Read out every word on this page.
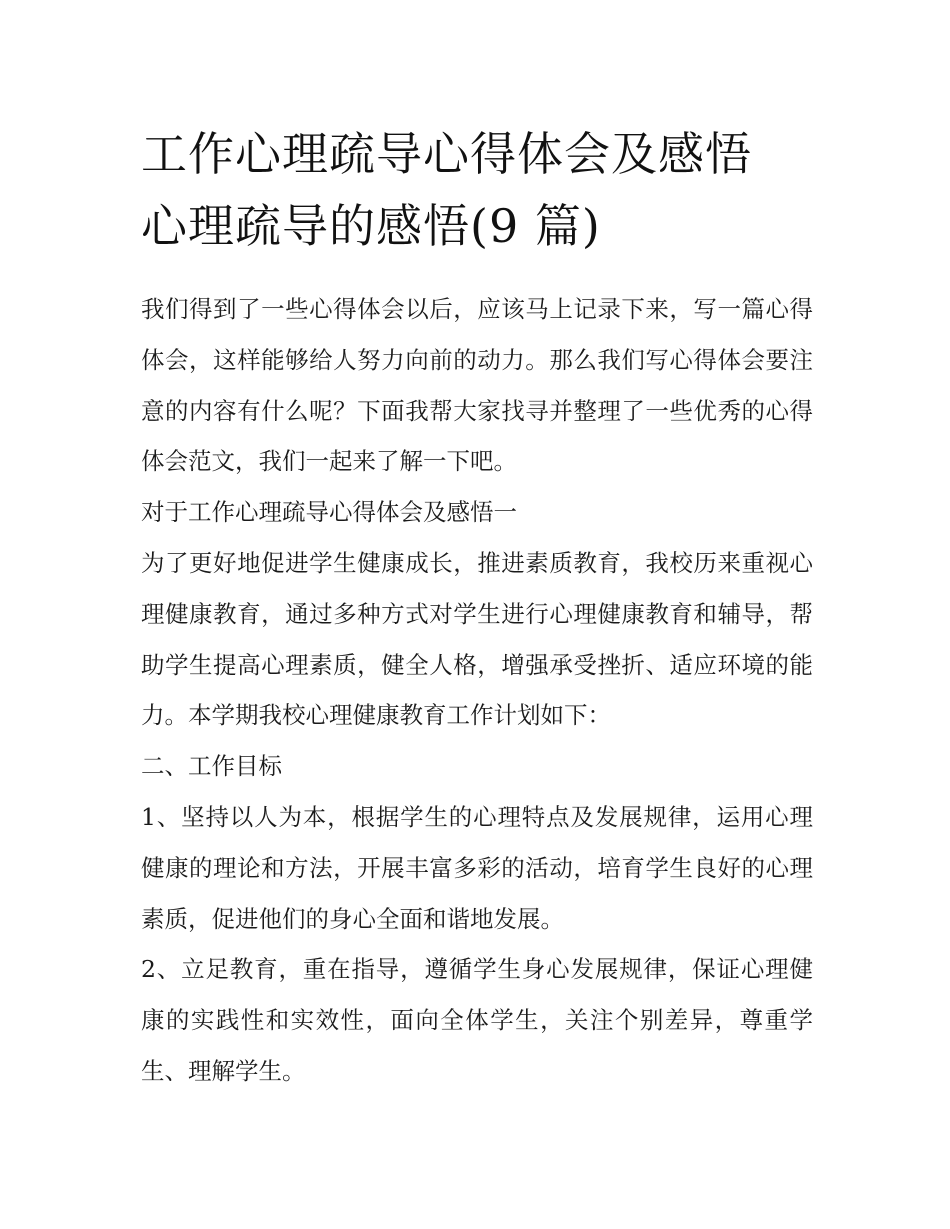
工作心理疏导心得体会及感悟
心理疏导的感悟(9 篇)

我们得到了一些心得体会以后，应该马上记录下来，写一篇心得体会，这样能够给人努力向前的动力。那么我们写心得体会要注意的内容有什么呢？下面我帮大家找寻并整理了一些优秀的心得体会范文，我们一起来了解一下吧。

对于工作心理疏导心得体会及感悟一

为了更好地促进学生健康成长，推进素质教育，我校历来重视心理健康教育，通过多种方式对学生进行心理健康教育和辅导，帮助学生提高心理素质，健全人格，增强承受挫折、适应环境的能力。本学期我校心理健康教育工作计划如下：

二、工作目标

1、坚持以人为本，根据学生的心理特点及发展规律，运用心理健康的理论和方法，开展丰富多彩的活动，培育学生良好的心理素质，促进他们的身心全面和谐地发展。

2、立足教育，重在指导，遵循学生身心发展规律，保证心理健康的实践性和实效性，面向全体学生，关注个别差异，尊重学生、理解学生。
